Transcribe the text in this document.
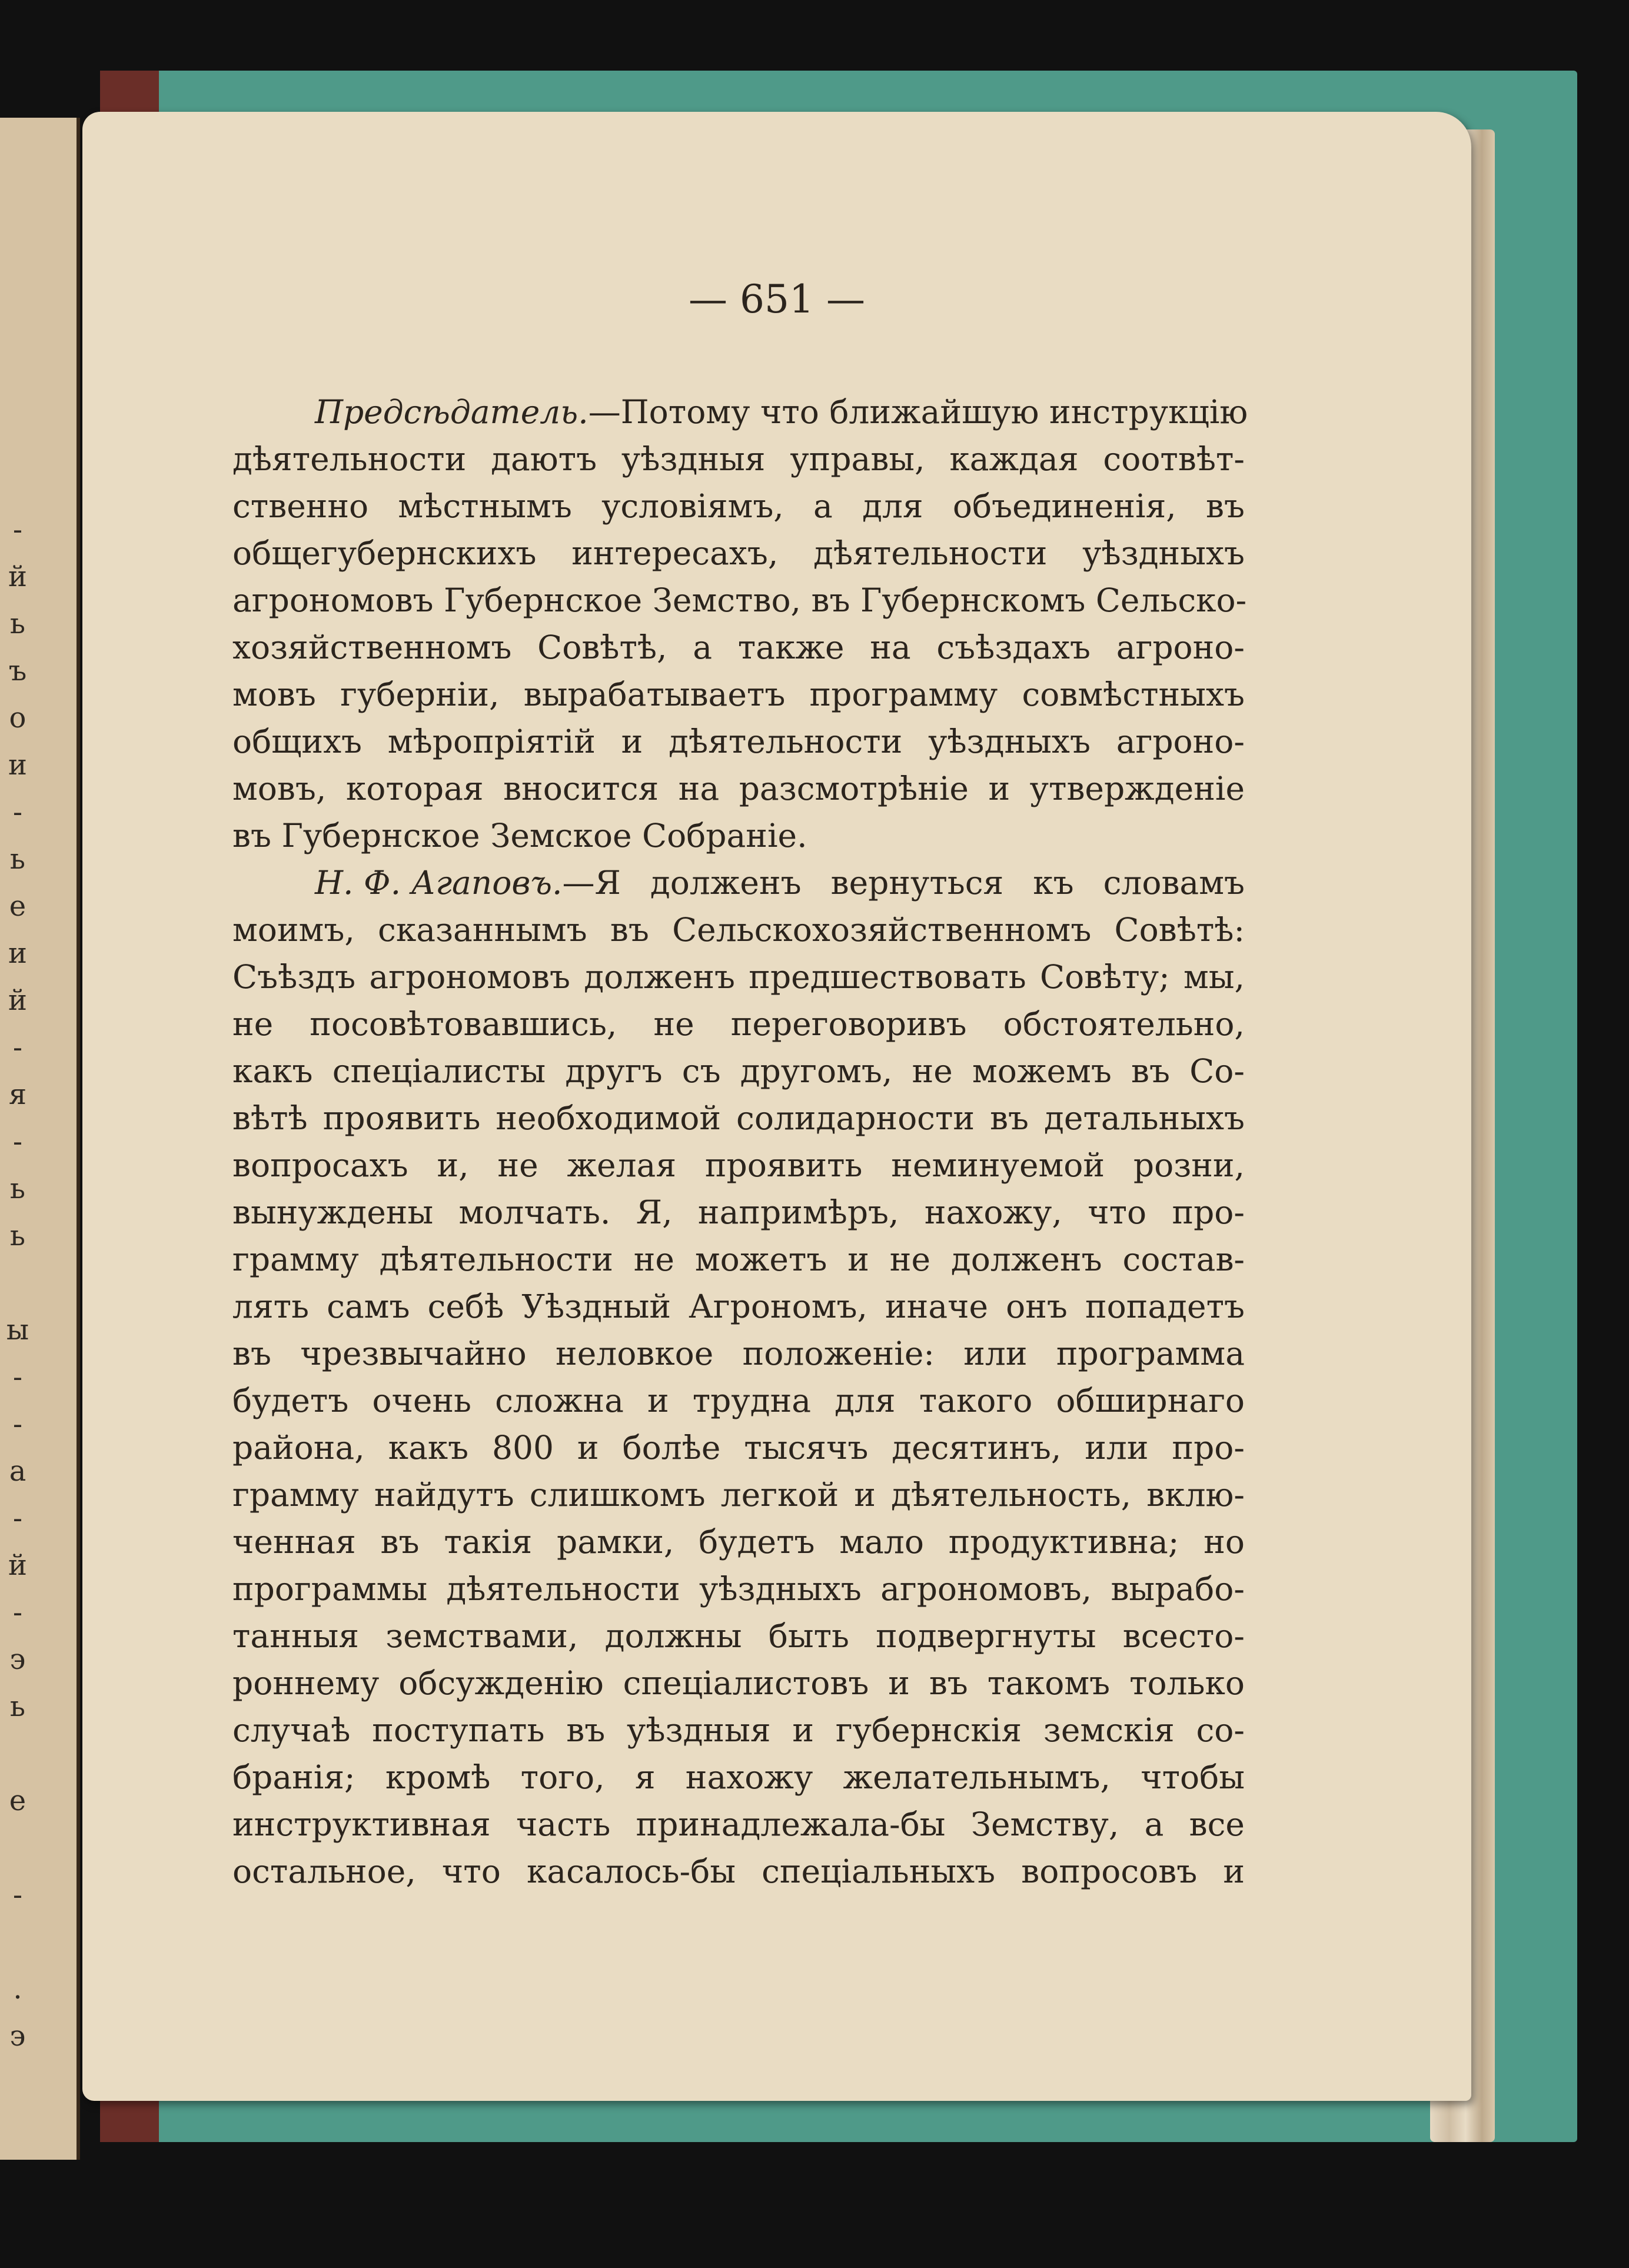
-
й
ь
ъ
о
и
-
ь
е
и
й
-
я
-
ь
ь
ы
-
-
а
-
й
-
э
ь
е
-
.
э
— 651 —
Предсѣдатель. —Потому что ближайшую инструкцію
дѣятельности даютъ уѣздныя управы, каждая соотвѣт-
ственно мѣстнымъ условіямъ, а для объединенія, въ
общегубернскихъ интересахъ, дѣятельности уѣздныхъ
агрономовъ Губернское Земство, въ Губернскомъ Сельско-
хозяйственномъ Совѣтѣ, а также на съѣздахъ агроно-
мовъ губерніи, вырабатываетъ программу совмѣстныхъ
общихъ мѣропріятій и дѣятельности уѣздныхъ агроно-
мовъ, которая вносится на разсмотрѣніе и утвержденіе
въ Губернское Земское Собраніе.
Н. Ф. Агаповъ. —Я долженъ вернуться къ словамъ
моимъ, сказаннымъ въ Сельскохозяйственномъ Совѣтѣ:
Съѣздъ агрономовъ долженъ предшествовать Совѣту; мы,
не посовѣтовавшись, не переговоривъ обстоятельно,
какъ спеціалисты другъ съ другомъ, не можемъ въ Со-
вѣтѣ проявить необходимой солидарности въ детальныхъ
вопросахъ и, не желая проявить неминуемой розни,
вынуждены молчать. Я, напримѣръ, нахожу, что про-
грамму дѣятельности не можетъ и не долженъ состав-
лять самъ себѣ Уѣздный Агрономъ, иначе онъ попадетъ
въ чрезвычайно неловкое положеніе: или программа
будетъ очень сложна и трудна для такого обширнаго
района, какъ 800 и болѣе тысячъ десятинъ, или про-
грамму найдутъ слишкомъ легкой и дѣятельность, вклю-
ченная въ такія рамки, будетъ мало продуктивна; но
программы дѣятельности уѣздныхъ агрономовъ, вырабо-
танныя земствами, должны быть подвергнуты всесто-
роннему обсужденію спеціалистовъ и въ такомъ только
случаѣ поступать въ уѣздныя и губернскія земскія со-
бранія; кромѣ того, я нахожу желательнымъ, чтобы
инструктивная часть принадлежала-бы Земству, а все
остальное, что касалось-бы спеціальныхъ вопросовъ и
